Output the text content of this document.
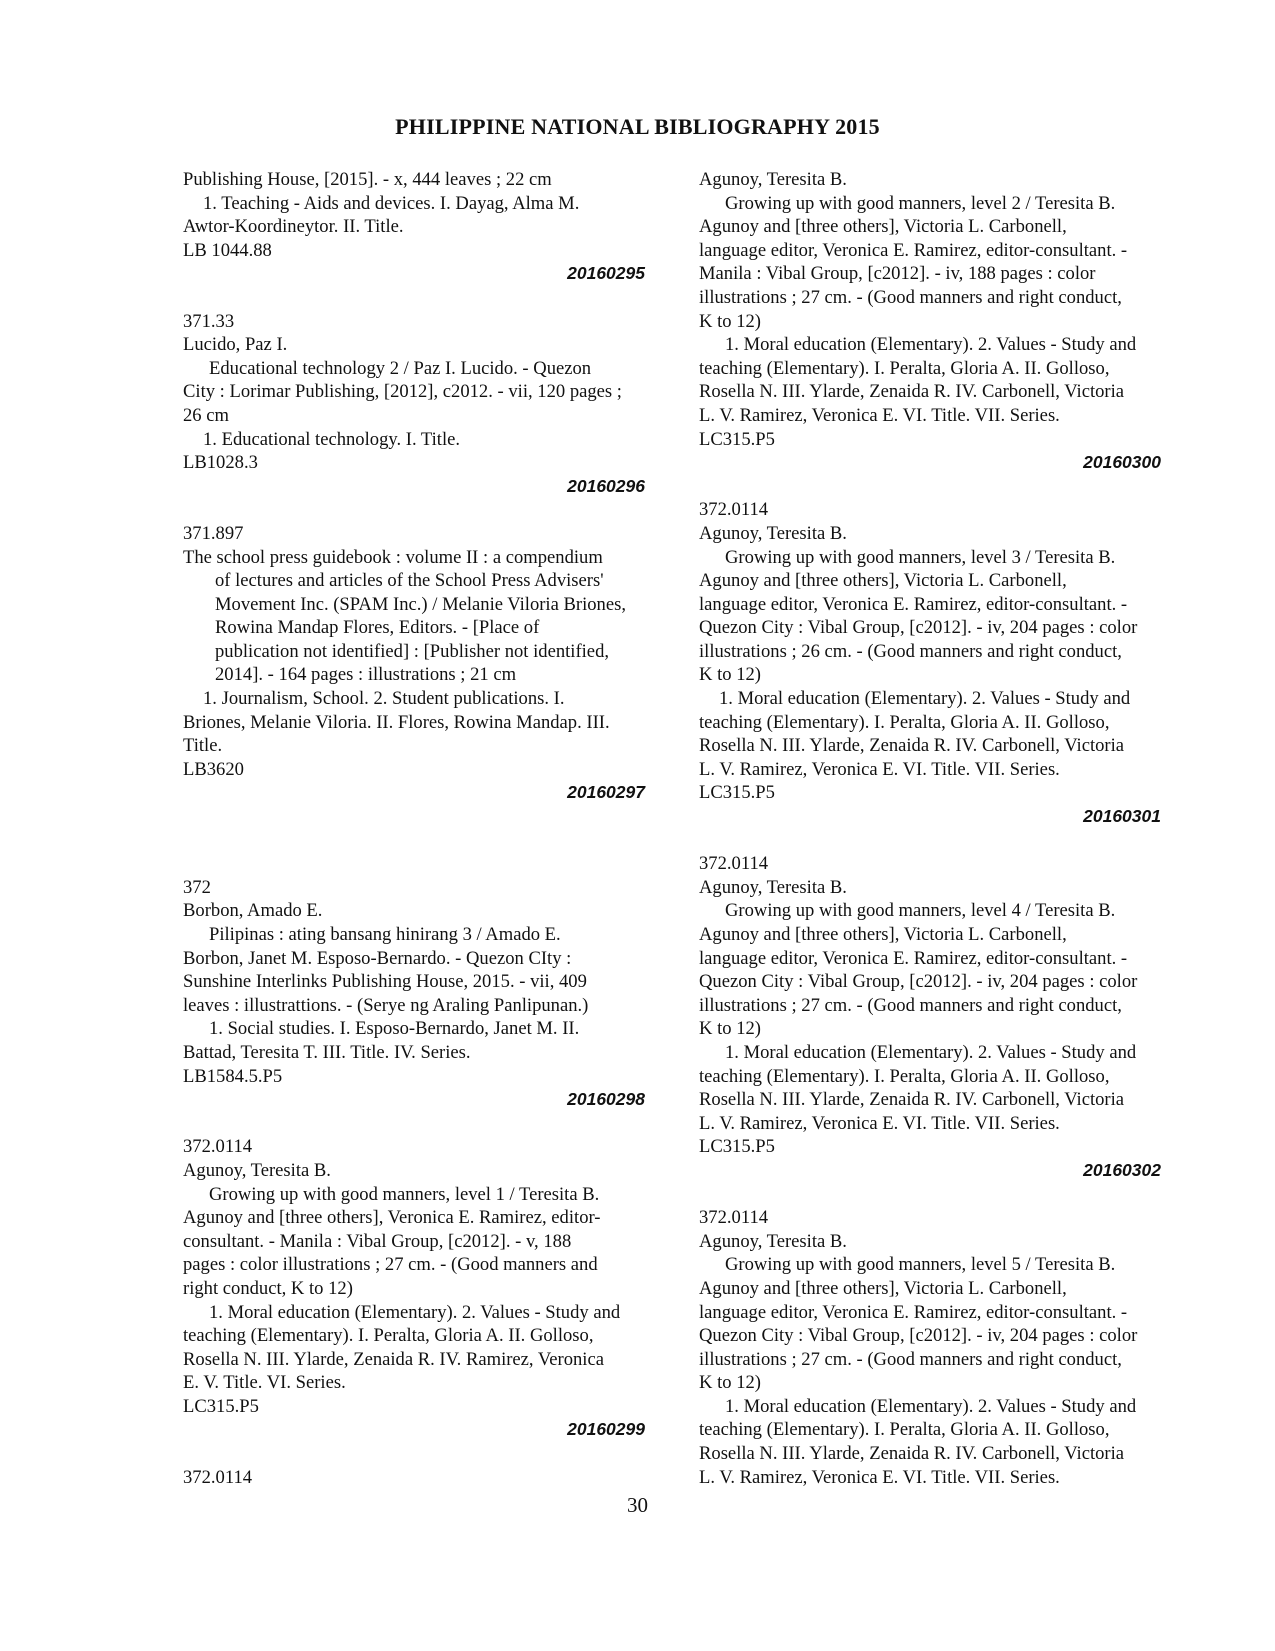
PHILIPPINE NATIONAL BIBLIOGRAPHY 2015
Publishing House, [2015]. - x, 444 leaves ; 22 cm
1. Teaching - Aids and devices. I. Dayag, Alma M.
Awtor-Koordineytor. II. Title.
LB 1044.88
20160295
371.33
Lucido, Paz I.
Educational technology 2 / Paz I. Lucido. - Quezon
City : Lorimar Publishing, [2012], c2012. - vii, 120 pages ;
26 cm
1. Educational technology. I. Title.
LB1028.3
20160296
371.897
The school press guidebook : volume II : a compendium
of lectures and articles of the School Press Advisers'
Movement Inc. (SPAM Inc.) / Melanie Viloria Briones,
Rowina Mandap Flores, Editors. - [Place of
publication not identified] : [Publisher not identified,
2014]. - 164 pages : illustrations ; 21 cm
1. Journalism, School. 2. Student publications. I.
Briones, Melanie Viloria. II. Flores, Rowina Mandap. III.
Title.
LB3620
20160297
372
Borbon, Amado E.
Pilipinas : ating bansang hinirang 3 / Amado E.
Borbon, Janet M. Esposo-Bernardo. - Quezon CIty :
Sunshine Interlinks Publishing House, 2015. - vii, 409
leaves : illustrattions. - (Serye ng Araling Panlipunan.)
1. Social studies. I. Esposo-Bernardo, Janet M. II.
Battad, Teresita T. III. Title. IV. Series.
LB1584.5.P5
20160298
372.0114
Agunoy, Teresita B.
Growing up with good manners, level 1 / Teresita B.
Agunoy and [three others], Veronica E. Ramirez, editor-
consultant. - Manila : Vibal Group, [c2012]. - v, 188
pages : color illustrations ; 27 cm. - (Good manners and
right conduct, K to 12)
1. Moral education (Elementary). 2. Values - Study and
teaching (Elementary). I. Peralta, Gloria A. II. Golloso,
Rosella N. III. Ylarde, Zenaida R. IV. Ramirez, Veronica
E. V. Title. VI. Series.
LC315.P5
20160299
372.0114
Agunoy, Teresita B.
Growing up with good manners, level 2 / Teresita B.
Agunoy and [three others], Victoria L. Carbonell,
language editor, Veronica E. Ramirez, editor-consultant. -
Manila : Vibal Group, [c2012]. - iv, 188 pages : color
illustrations ; 27 cm. - (Good manners and right conduct,
K to 12)
1. Moral education (Elementary). 2. Values - Study and
teaching (Elementary). I. Peralta, Gloria A. II. Golloso,
Rosella N. III. Ylarde, Zenaida R. IV. Carbonell, Victoria
L. V. Ramirez, Veronica E. VI. Title. VII. Series.
LC315.P5
20160300
372.0114
Agunoy, Teresita B.
Growing up with good manners, level 3 / Teresita B.
Agunoy and [three others], Victoria L. Carbonell,
language editor, Veronica E. Ramirez, editor-consultant. -
Quezon City : Vibal Group, [c2012]. - iv, 204 pages : color
illustrations ; 26 cm. - (Good manners and right conduct,
K to 12)
1. Moral education (Elementary). 2. Values - Study and
teaching (Elementary). I. Peralta, Gloria A. II. Golloso,
Rosella N. III. Ylarde, Zenaida R. IV. Carbonell, Victoria
L. V. Ramirez, Veronica E. VI. Title. VII. Series.
LC315.P5
20160301
372.0114
Agunoy, Teresita B.
Growing up with good manners, level 4 / Teresita B.
Agunoy and [three others], Victoria L. Carbonell,
language editor, Veronica E. Ramirez, editor-consultant. -
Quezon City : Vibal Group, [c2012]. - iv, 204 pages : color
illustrations ; 27 cm. - (Good manners and right conduct,
K to 12)
1. Moral education (Elementary). 2. Values - Study and
teaching (Elementary). I. Peralta, Gloria A. II. Golloso,
Rosella N. III. Ylarde, Zenaida R. IV. Carbonell, Victoria
L. V. Ramirez, Veronica E. VI. Title. VII. Series.
LC315.P5
20160302
372.0114
Agunoy, Teresita B.
Growing up with good manners, level 5 / Teresita B.
Agunoy and [three others], Victoria L. Carbonell,
language editor, Veronica E. Ramirez, editor-consultant. -
Quezon City : Vibal Group, [c2012]. - iv, 204 pages : color
illustrations ; 27 cm. - (Good manners and right conduct,
K to 12)
1. Moral education (Elementary). 2. Values - Study and
teaching (Elementary). I. Peralta, Gloria A. II. Golloso,
Rosella N. III. Ylarde, Zenaida R. IV. Carbonell, Victoria
L. V. Ramirez, Veronica E. VI. Title. VII. Series.
30
